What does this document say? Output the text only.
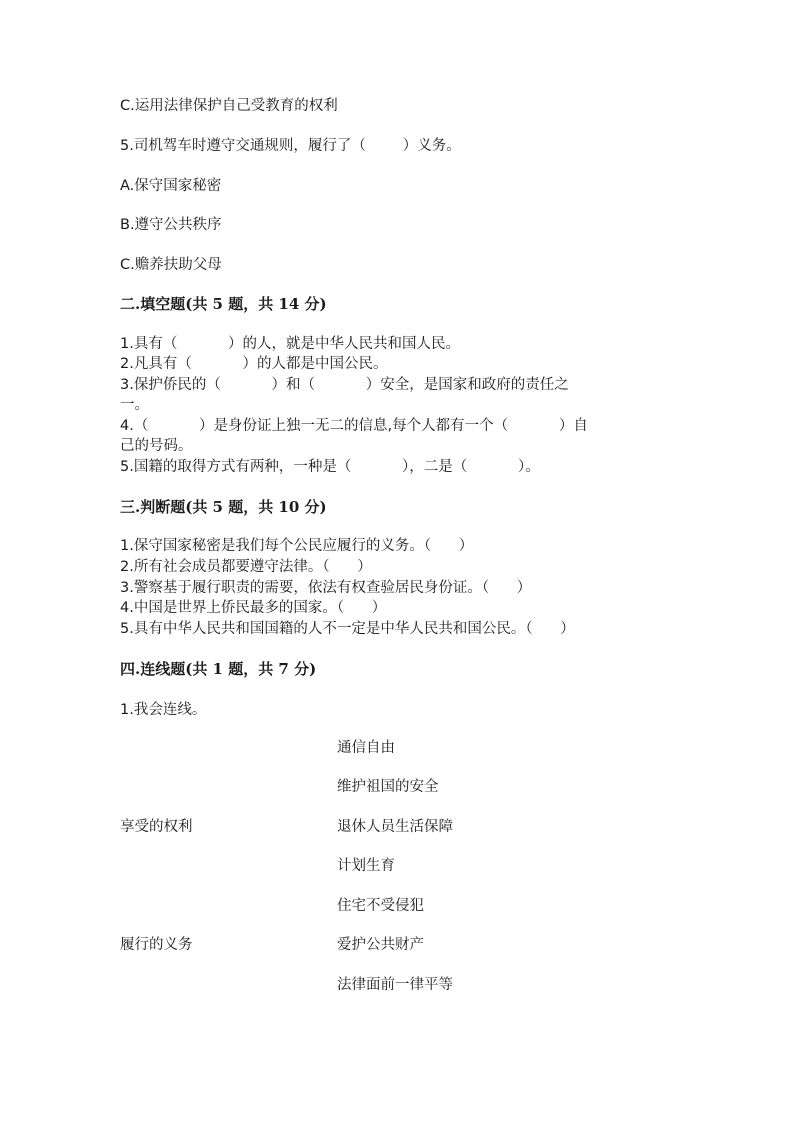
C.运用法律保护自己受教育的权利
5.司机驾车时遵守交通规则，履行了（        ）义务。
A.保守国家秘密
B.遵守公共秩序
C.赡养扶助父母
二.填空题(共 5 题，共 14 分)
1.具有（           ）的人，就是中华人民共和国人民。
2.凡具有（           ）的人都是中国公民。
3.保护侨民的（           ）和（           ）安全，是国家和政府的责任之
一。
4.（           ）是身份证上独一无二的信息,每个人都有一个（           ）自
己的号码。
5.国籍的取得方式有两种，一种是（           ），二是（           ）。
三.判断题(共 5 题，共 10 分)
1.保守国家秘密是我们每个公民应履行的义务。（      ）
2.所有社会成员都要遵守法律。（      ）
3.警察基于履行职责的需要，依法有权查验居民身份证。（      ）
4.中国是世界上侨民最多的国家。（      ）
5.具有中华人民共和国国籍的人不一定是中华人民共和国公民。（      ）
四.连线题(共 1 题，共 7 分)
1.我会连线。
通信自由
维护祖国的安全
享受的权利	退休人员生活保障
计划生育
住宅不受侵犯
履行的义务	爱护公共财产
法律面前一律平等
